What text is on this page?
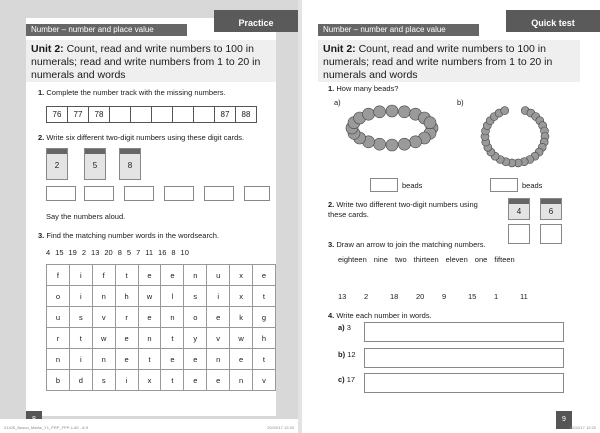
Practice
Number – number and place value
Unit 2: Count, read and write numbers to 100 in numerals; read and write numbers from 1 to 20 in numerals and words
1. Complete the number track with the missing numbers.
76 77 78	87 88
2. Write six different two-digit numbers using these digit cards.
2	5	8
Say the numbers aloud.
3. Find the matching number words in the wordsearch.
4 15 19 2 13 20 8 5 7 11 16 8 10
f	i	f	t	e	e	n	u	x	e
o	i	n	h	w	l	s	i	x	t
u	s	v	r	e	n	o	e	k	g
r	t	w	e	n	t	y	v	w	h
n	i	n	e	t	e	e	n	e	t
b	d	s	i	x	t	e	e	n	v
01426_Busuu_Maths_Y1_PRP_FPP-1-80 - 8-9	20/10/17 12:20
Quick test
Number – number and place value
Unit 2: Count, read and write numbers to 100 in numerals; read and write numbers from 1 to 20 in numerals and words
1. How many beads?
a)	b)
beads	beads
2. Write two different two-digit numbers using these cards.	4	6
3. Draw an arrow to join the matching numbers.
eighteen nine two thirteen eleven one fifteen
13 2	18 20 9	15 1	11
4. Write each number in words.
a) 3
b) 12
c) 17
9
20/10/17 12:20
